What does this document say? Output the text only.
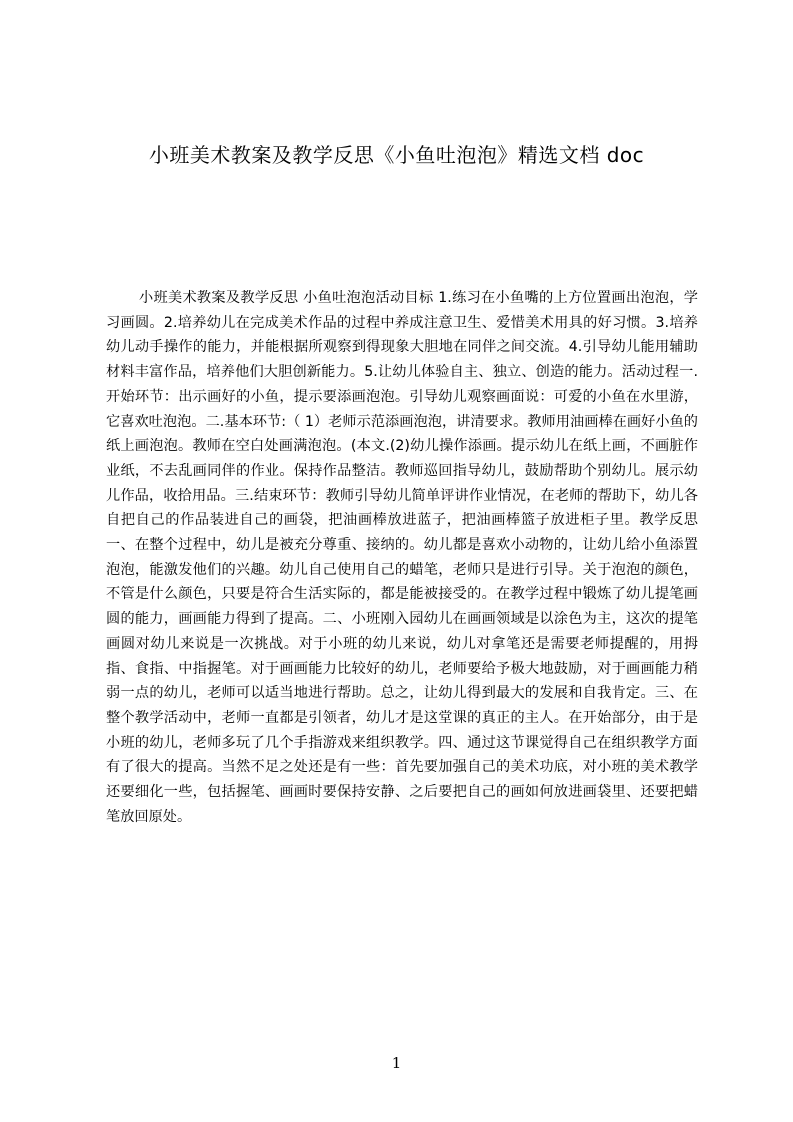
小班美术教案及教学反思《小鱼吐泡泡》精选文档 doc

小班美术教案及教学反思 小鱼吐泡泡活动目标 1.练习在小鱼嘴的上方位置画出泡泡，学习画圆。2.培养幼儿在完成美术作品的过程中养成注意卫生、爱惜美术用具的好习惯。3.培养幼儿动手操作的能力，并能根据所观察到得现象大胆地在同伴之间交流。4.引导幼儿能用辅助材料丰富作品，培养他们大胆创新能力。5.让幼儿体验自主、独立、创造的能力。活动过程一.开始环节：出示画好的小鱼，提示要添画泡泡。引导幼儿观察画面说：可爱的小鱼在水里游，它喜欢吐泡泡。二.基本环节:（ 1）老师示范添画泡泡，讲清要求。教师用油画棒在画好小鱼的纸上画泡泡。教师在空白处画满泡泡。(本文.(2)幼儿操作添画。提示幼儿在纸上画，不画脏作业纸，不去乱画同伴的作业。保持作品整洁。教师巡回指导幼儿，鼓励帮助个别幼儿。展示幼儿作品，收拾用品。三.结束环节：教师引导幼儿简单评讲作业情况，在老师的帮助下，幼儿各自把自己的作品装进自己的画袋，把油画棒放进蓝子，把油画棒篮子放进柜子里。教学反思一、在整个过程中，幼儿是被充分尊重、接纳的。幼儿都是喜欢小动物的，让幼儿给小鱼添置泡泡，能激发他们的兴趣。幼儿自己使用自己的蜡笔，老师只是进行引导。关于泡泡的颜色，不管是什么颜色，只要是符合生活实际的，都是能被接受的。在教学过程中锻炼了幼儿提笔画圆的能力，画画能力得到了提高。二、小班刚入园幼儿在画画领域是以涂色为主，这次的提笔画圆对幼儿来说是一次挑战。对于小班的幼儿来说，幼儿对拿笔还是需要老师提醒的，用拇指、食指、中指握笔。对于画画能力比较好的幼儿，老师要给予极大地鼓励，对于画画能力稍弱一点的幼儿，老师可以适当地进行帮助。总之，让幼儿得到最大的发展和自我肯定。三、在整个教学活动中，老师一直都是引领者，幼儿才是这堂课的真正的主人。在开始部分，由于是小班的幼儿，老师多玩了几个手指游戏来组织教学。四、通过这节课觉得自己在组织教学方面有了很大的提高。当然不足之处还是有一些：首先要加强自己的美术功底，对小班的美术教学还要细化一些，包括握笔、画画时要保持安静、之后要把自己的画如何放进画袋里、还要把蜡笔放回原处。

1
